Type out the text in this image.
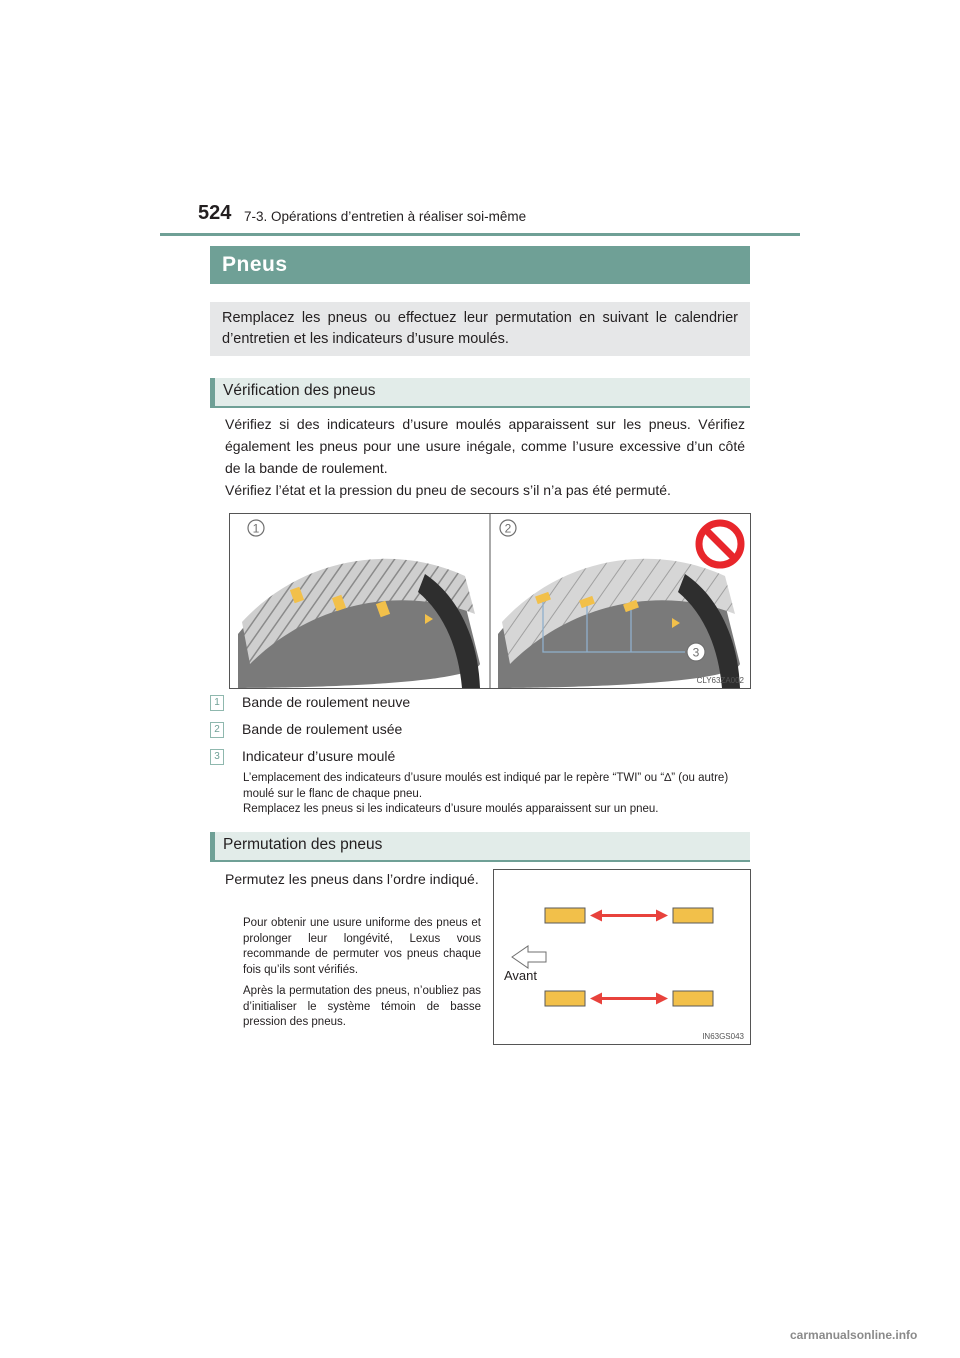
524 7-3. Opérations d’entretien à réaliser soi-même
Pneus
Remplacez les pneus ou effectuez leur permutation en suivant le calendrier d’entretien et les indicateurs d’usure moulés.
Vérification des pneus

Vérifiez si des indicateurs d’usure moulés apparaissent sur les pneus. Vérifiez également les pneus pour une usure inégale, comme l’usure excessive d’un côté de la bande de roulement.

Vérifiez l’état et la pression du pneu de secours s’il n’a pas été permuté.

1	2
3
CLY63ZA002
1	Bande de roulement neuve
2	Bande de roulement usée
3	Indicateur d’usure moulé

L’emplacement des indicateurs d’usure moulés est indiqué par le repère “TWI” ou “∆” (ou autre) moulé sur le flanc de chaque pneu.

Remplacez les pneus si les indicateurs d’usure moulés apparaissent sur un pneu.

Permutation des pneus
Permutez les pneus dans l’ordre indiqué.

Pour obtenir une usure uniforme des pneus et prolonger leur longévité, Lexus vous recommande de permuter vos pneus chaque fois qu’ils sont vérifiés.

Après la permutation des pneus, n’oubliez pas d’initialiser le système témoin de basse pression des pneus.

Avant
IN63GS043
carmanualsonline.info
